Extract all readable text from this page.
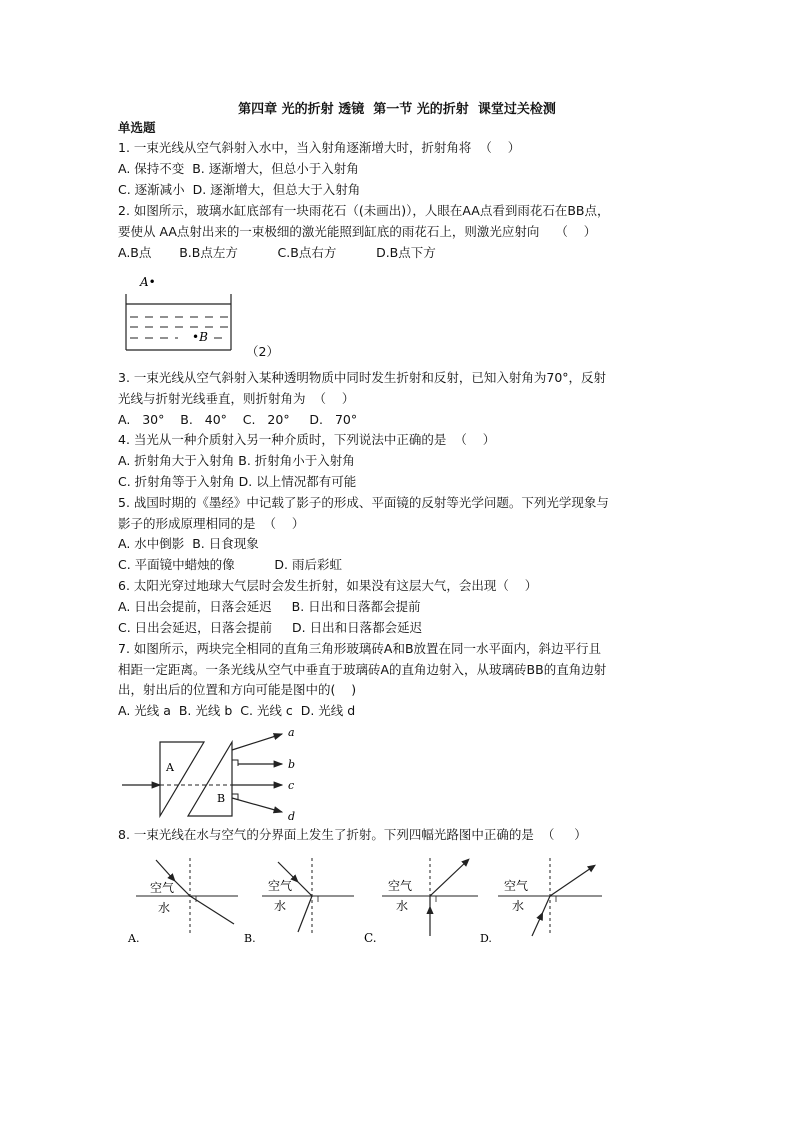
第四章 光的折射 透镜  第一节 光的折射  课堂过关检测
单选题
1. 一束光线从空气斜射入水中，当入射角逐渐增大时，折射角将  （    ）
A. 保持不变  B. 逐渐增大，但总小于入射角
C. 逐渐减小  D. 逐渐增大，但总大于入射角
2. 如图所示，玻璃水缸底部有一块雨花石（(未画出)），人眼在AA点看到雨花石在BB点，
要使从 AA点射出来的一束极细的激光能照到缸底的雨花石上，则激光应射向    （    ）
A.B点       B.B点左方          C.B点右方          D.B点下方
A•
•B
（2）
3. 一束光线从空气斜射入某种透明物质中同时发生折射和反射，已知入射角为70°，反射
光线与折射光线垂直，则折射角为  （    ）
A.   30°    B.   40°    C.   20°     D.   70°
4. 当光从一种介质射入另一种介质时，下列说法中正确的是  （    ）
A. 折射角大于入射角 B. 折射角小于入射角
C. 折射角等于入射角 D. 以上情况都有可能
5. 战国时期的《墨经》中记载了影子的形成、平面镜的反射等光学问题。下列光学现象与
影子的形成原理相同的是  （    ）
A. 水中倒影  B. 日食现象
C. 平面镜中蜡烛的像          D. 雨后彩虹
6. 太阳光穿过地球大气层时会发生折射，如果没有这层大气，会出现（    ）
A. 日出会提前，日落会延迟     B. 日出和日落都会提前
C. 日出会延迟，日落会提前     D. 日出和日落都会延迟
7. 如图所示，两块完全相同的直角三角形玻璃砖A和B放置在同一水平面内，斜边平行且
相距一定距离。一条光线从空气中垂直于玻璃砖A的直角边射入，从玻璃砖BB的直角边射
出，射出后的位置和方向可能是图中的(    )
A. 光线 a  B. 光线 b  C. 光线 c  D. 光线 d
A
B
a
b
c
d
8. 一束光线在水与空气的分界面上发生了折射。下列四幅光路图中正确的是  （     ）
空气
水
A.
空气
水
B.
空气
水
C.
空气
水
D.
